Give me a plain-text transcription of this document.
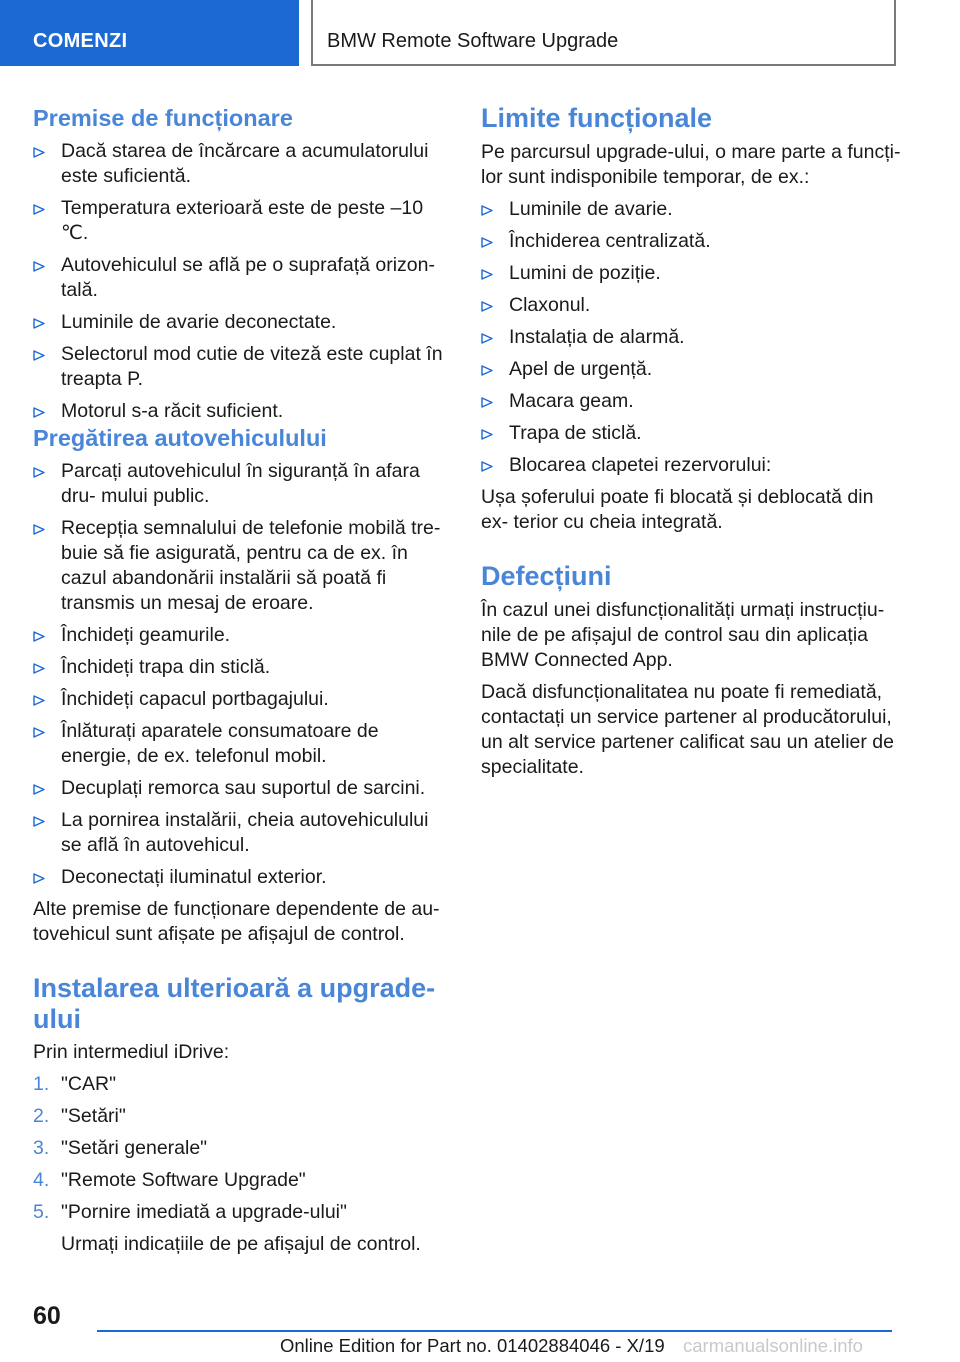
COMENZI	BMW Remote Software Upgrade
Premise de funcționare
Dacă starea de încărcare a acumulatorului este suficientă.
Temperatura exterioară este de peste –10 ℃.
Autovehiculul se află pe o suprafață orizon‐ tală.
Luminile de avarie deconectate.
Selectorul mod cutie de viteză este cuplat în treapta P.
Motorul s-a răcit suficient.
Pregătirea autovehiculului
Parcați autovehiculul în siguranță în afara dru‐ mului public.
Recepția semnalului de telefonie mobilă tre‐ buie să fie asigurată, pentru ca de ex. în cazul abandonării instalării să poată fi transmis un mesaj de eroare.
Închideți geamurile.
Închideți trapa din sticlă.
Închideți capacul portbagajului.
Înlăturați aparatele consumatoare de energie, de ex. telefonul mobil.
Decuplați remorca sau suportul de sarcini.
La pornirea instalării, cheia autovehiculului se află în autovehicul.
Deconectați iluminatul exterior.

Alte premise de funcționare dependente de au‐ tovehicul sunt afișate pe afișajul de control.

Instalarea ulterioară a upgrade-ului

Prin intermediul iDrive:

1. "CAR"
2. "Setări"
3. "Setări generale"
4. "Remote Software Upgrade"
5. "Pornire imediată a upgrade-ului"

Urmați indicațiile de pe afișajul de control.

Limite funcționale

Pe parcursul upgrade-ului, o mare parte a funcți‐ lor sunt indisponibile temporar, de ex.:

Luminile de avarie.
Închiderea centralizată.
Lumini de poziție.
Claxonul.
Instalația de alarmă.
Apel de urgență.
Macara geam.
Trapa de sticlă.
Blocarea clapetei rezervorului:

Ușa șoferului poate fi blocată și deblocată din ex‐ terior cu cheia integrată.

Defecțiuni

În cazul unei disfuncționalități urmați instrucțiu‐ nile de pe afișajul de control sau din aplicația BMW Connected App.

Dacă disfuncționalitatea nu poate fi remediată, contactați un service partener al producătorului, un alt service partener calificat sau un atelier de specialitate.

60
Online Edition for Part no. 01402884046 - X/19 carmanualsonline.info
